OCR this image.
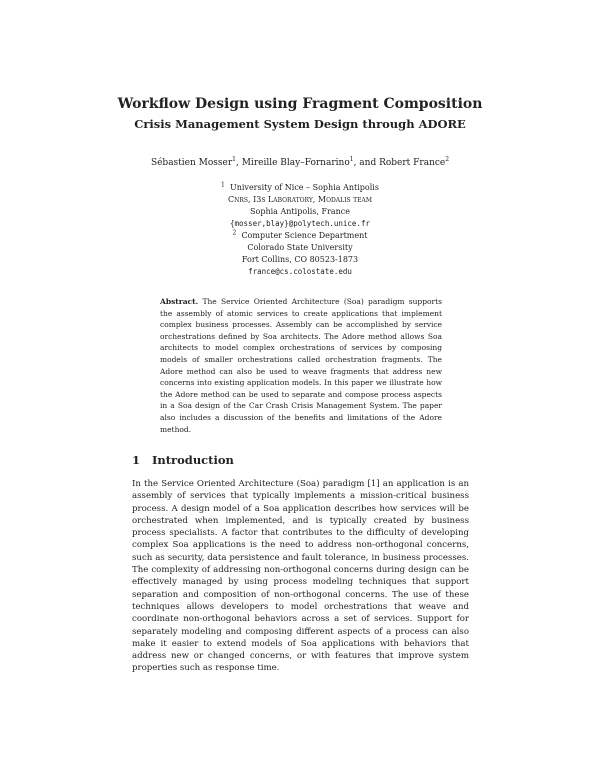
Workflow Design using Fragment Composition
Crisis Management System Design through ADORE
Sébastien Mosser$^1$, Mireille Blay–Fornarino$^1$, and Robert France$^2$
$^1$ University of Nice – Sophia Antipolis
Cnrs, I3s Laboratory, Modalis team
Sophia Antipolis, France
{mosser,blay}@polytech.unice.fr
$^2$ Computer Science Department
Colorado State University
Fort Collins, CO 80523-1873
france@cs.colostate.edu
Abstract. The Service Oriented Architecture (Soa) paradigm supports the assembly of atomic services to create applications that implement complex business processes. Assembly can be accomplished by service orchestrations defined by Soa architects. The Adore method allows Soa architects to model complex orchestrations of services by composing models of smaller orchestrations called orchestration fragments. The Adore method can also be used to weave fragments that address new concerns into existing application models. In this paper we illustrate how the Adore method can be used to separate and compose process aspects in a Soa design of the Car Crash Crisis Management System. The paper also includes a discussion of the benefits and limitations of the Adore method.
1 Introduction
In the Service Oriented Architecture (Soa) paradigm [1] an application is an assembly of services that typically implements a mission-critical business process. A design model of a Soa application describes how services will be orchestrated when implemented, and is typically created by business process specialists. A factor that contributes to the difficulty of developing complex Soa applications is the need to address non-orthogonal concerns, such as security, data persistence and fault tolerance, in business processes. The complexity of addressing non-orthogonal concerns during design can be effectively managed by using process modeling techniques that support separation and composition of non-orthogonal concerns. The use of these techniques allows developers to model orchestrations that weave and coordinate non-orthogonal behaviors across a set of services. Support for separately modeling and composing different aspects of a process can also make it easier to extend models of Soa applications with behaviors that address new or changed concerns, or with features that improve system properties such as response time.
